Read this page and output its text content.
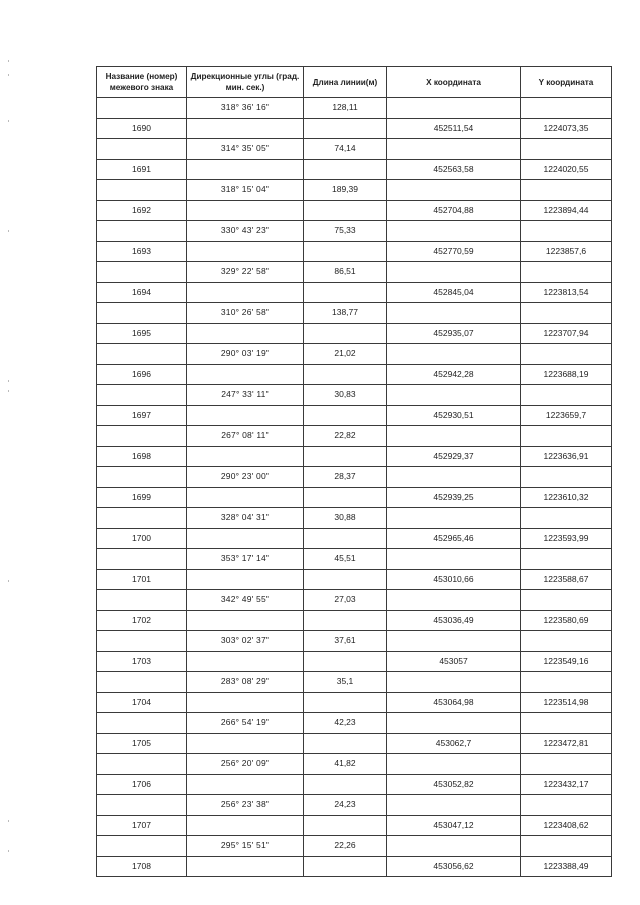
Название (номер) межевого знака	Дирекционные углы (град. мин. сек.)	Длина линии(м)	X координата	Y координата
	318° 36' 16"	128,11		
1690			452511,54	1224073,35
	314° 35' 05"	74,14		
1691			452563,58	1224020,55
	318° 15' 04"	189,39		
1692			452704,88	1223894,44
	330° 43' 23"	75,33		
1693			452770,59	1223857,6
	329° 22' 58"	86,51		
1694			452845,04	1223813,54
	310° 26' 58"	138,77		
1695			452935,07	1223707,94
	290° 03' 19"	21,02		
1696			452942,28	1223688,19
	247° 33' 11"	30,83		
1697			452930,51	1223659,7
	267° 08' 11"	22,82		
1698			452929,37	1223636,91
	290° 23' 00"	28,37		
1699			452939,25	1223610,32
	328° 04' 31"	30,88		
1700			452965,46	1223593,99
	353° 17' 14"	45,51		
1701			453010,66	1223588,67
	342° 49' 55"	27,03		
1702			453036,49	1223580,69
	303° 02' 37"	37,61		
1703			453057	1223549,16
	283° 08' 29"	35,1		
1704			453064,98	1223514,98
	266° 54' 19"	42,23		
1705			453062,7	1223472,81
	256° 20' 09"	41,82		
1706			453052,82	1223432,17
	256° 23' 38"	24,23		
1707			453047,12	1223408,62
	295° 15' 51"	22,26		
1708			453056,62	1223388,49
